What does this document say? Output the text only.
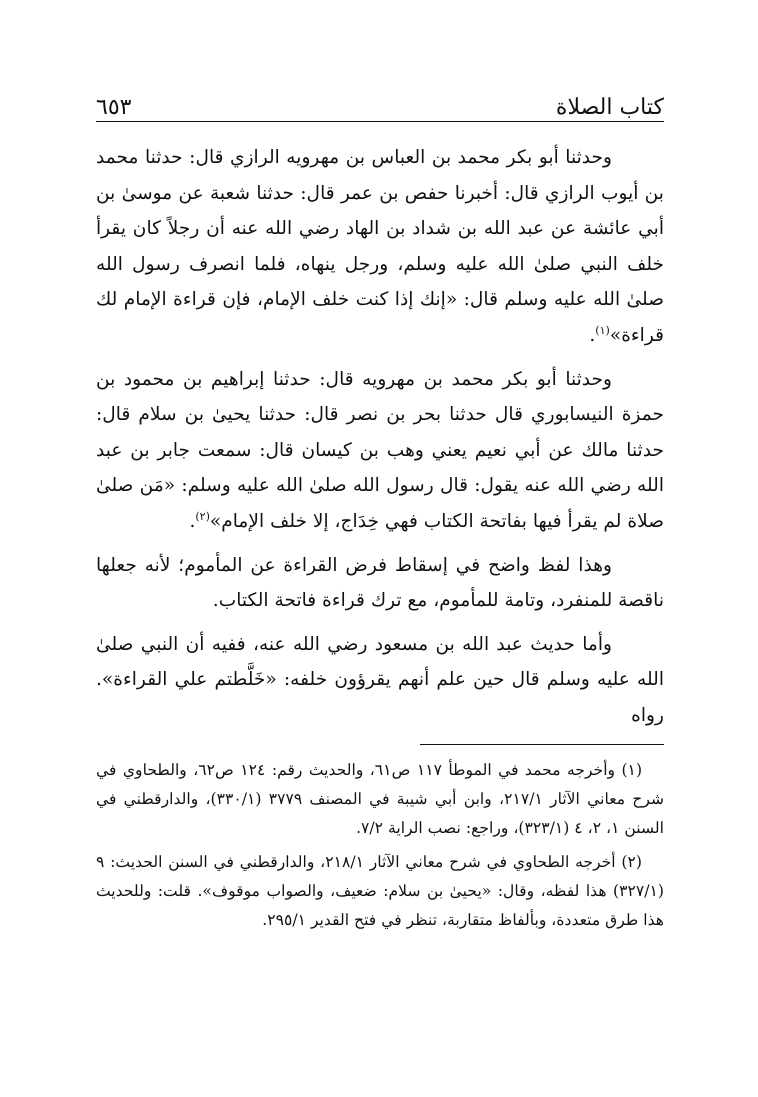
كتاب الصلاة
٦٥٣

وحدثنا أبو بكر محمد بن العباس بن مهرويه الرازي قال: حدثنا محمد بن أيوب الرازي قال: أخبرنا حفص بن عمر قال: حدثنا شعبة عن موسىٰ بن أبي عائشة عن عبد الله بن شداد بن الهاد رضي الله عنه أن رجلاً كان يقرأ خلف النبي صلىٰ الله عليه وسلم، ورجل ينهاه، فلما انصرف رسول الله صلىٰ الله عليه وسلم قال: «إنك إذا كنت خلف الإمام، فإن قراءة الإمام لك قراءة»$^{(١)}$.

وحدثنا أبو بكر محمد بن مهرويه قال: حدثنا إبراهيم بن محمود بن حمزة النيسابوري قال حدثنا بحر بن نصر قال: حدثنا يحيىٰ بن سلام قال: حدثنا مالك عن أبي نعيم يعني وهب بن كيسان قال: سمعت جابر بن عبد الله رضي الله عنه يقول: قال رسول الله صلىٰ الله عليه وسلم: «مَن صلىٰ صلاة لم يقرأ فيها بفاتحة الكتاب فهي خِدَاج، إلا خلف الإمام»$^{(٢)}$.

وهذا لفظ واضح في إسقاط فرض القراءة عن المأموم؛ لأنه جعلها ناقصة للمنفرد، وتامة للمأموم، مع ترك قراءة فاتحة الكتاب.

وأما حديث عبد الله بن مسعود رضي الله عنه، ففيه أن النبي صلىٰ الله عليه وسلم قال حين علم أنهم يقرؤون خلفه: «خَلَّطتم علي القراءة». رواه

(١) وأخرجه محمد في الموطأ ١١٧ ص٦١، والحديث رقم: ١٢٤ ص٦٢، والطحاوي في شرح معاني الآثار ٢١٧/١، وابن أبي شيبة في المصنف ٣٧٧٩ (٣٣٠/١)، والدارقطني في السنن ١، ٢، ٤ (٣٢٣/١)، وراجع: نصب الراية ٧/٢.

(٢) أخرجه الطحاوي في شرح معاني الآثار ٢١٨/١، والدارقطني في السنن الحديث: ٩ (٣٢٧/١) هذا لفظه، وقال: «يحيىٰ بن سلام: ضعيف، والصواب موقوف». قلت: وللحديث هذا طرق متعددة، وبألفاظ متقاربة، تنظر في فتح القدير ٢٩٥/١.
